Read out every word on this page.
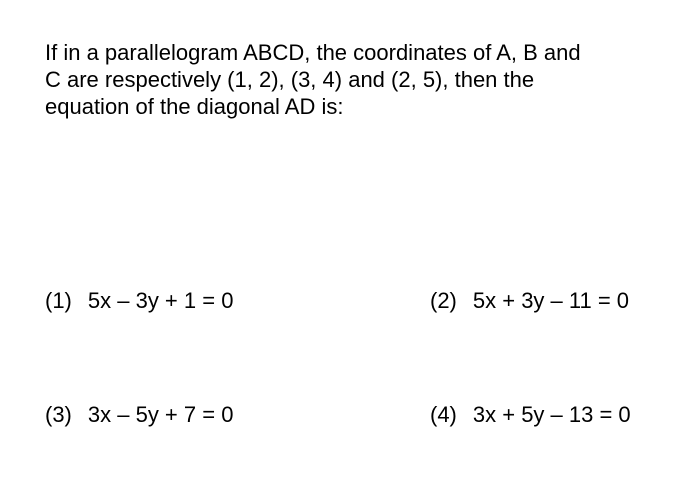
If in a parallelogram ABCD, the coordinates of A, B and
C are respectively (1, 2), (3, 4) and (2, 5), then the
equation of the diagonal AD is:
(1) 5x – 3y + 1 = 0	(2) 5x + 3y – 11 = 0
(3) 3x – 5y + 7 = 0	(4) 3x + 5y – 13 = 0
